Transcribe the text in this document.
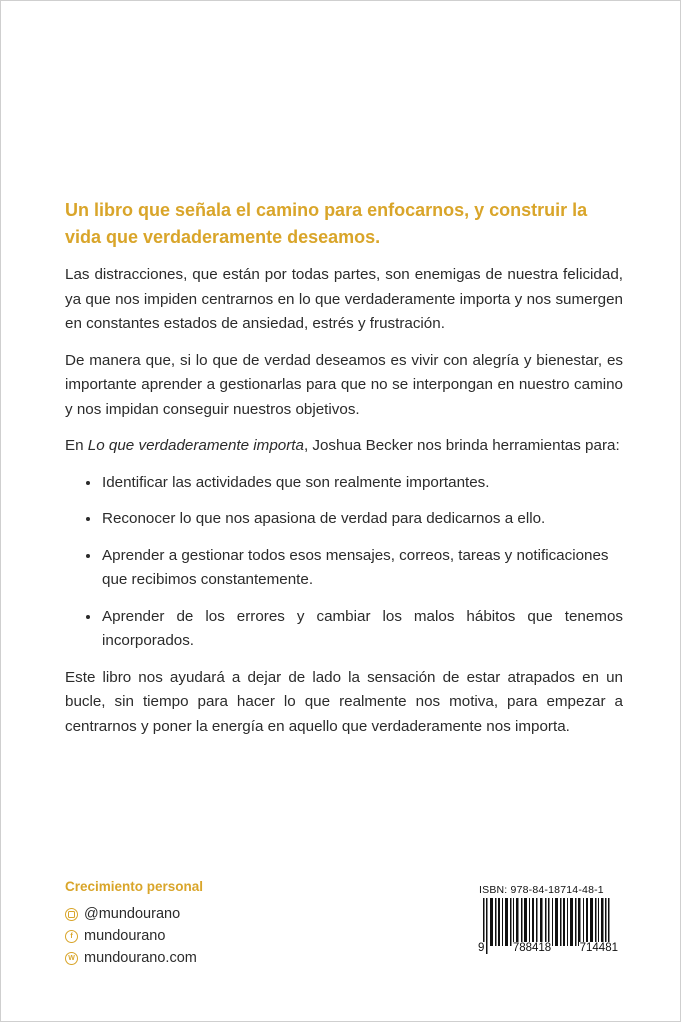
Un libro que señala el camino para enfocarnos, y construir la vida que verdaderamente deseamos.

Las distracciones, que están por todas partes, son enemigas de nuestra felicidad, ya que nos impiden centrarnos en lo que verdaderamente importa y nos sumergen en constantes estados de ansiedad, estrés y frustración.

De manera que, si lo que de verdad deseamos es vivir con alegría y bienestar, es importante aprender a gestionarlas para que no se interpongan en nuestro camino y nos impidan conseguir nuestros objetivos.

En Lo que verdaderamente importa, Joshua Becker nos brinda herramientas para:

Identificar las actividades que son realmente importantes.
Reconocer lo que nos apasiona de verdad para dedicarnos a ello.
Aprender a gestionar todos esos mensajes, correos, tareas y notificaciones que recibimos constantemente.
Aprender de los errores y cambiar los malos hábitos que tenemos incorporados.

Este libro nos ayudará a dejar de lado la sensación de estar atrapados en un bucle, sin tiempo para hacer lo que realmente nos motiva, para empezar a centrarnos y poner la energía en aquello que verdaderamente nos importa.

Crecimiento personal
@mundourano
f mundourano
W mundourano.com
ISBN: 978-84-18714-48-1
9 788418 714481
